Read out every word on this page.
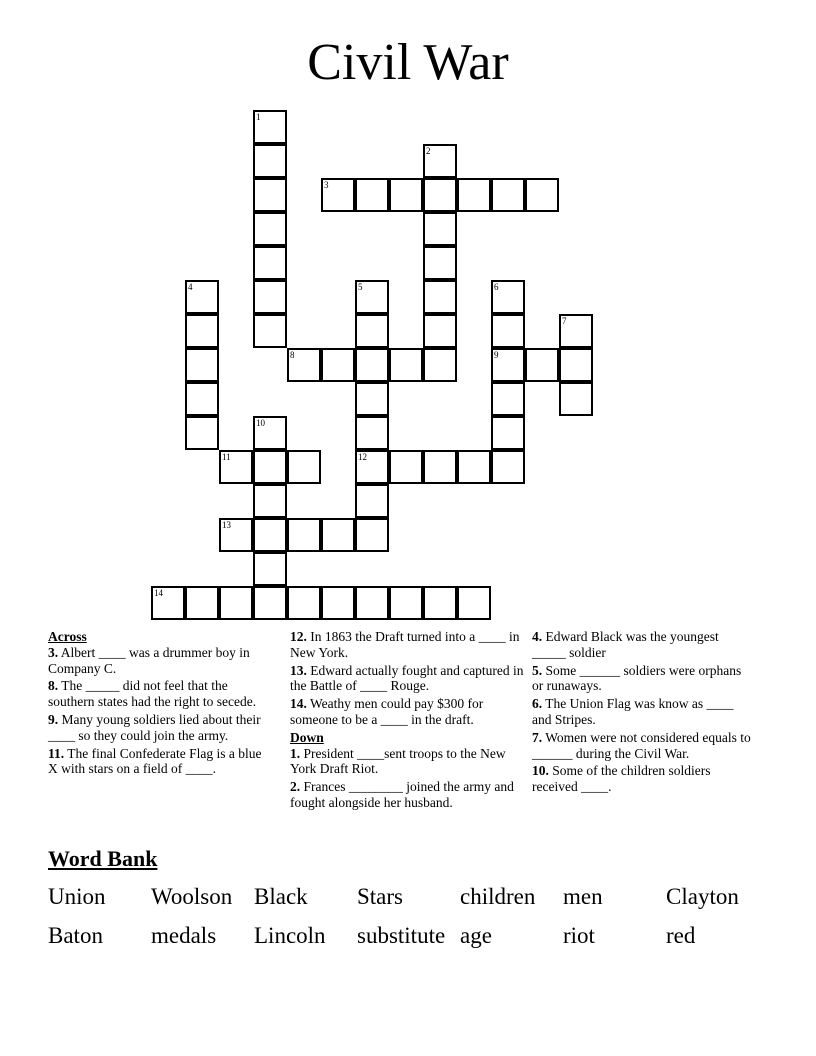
Civil War
3
8	9
11	12
13
14
1
2
4	5	6
7
10
Across
3. Albert ____ was a drummer boy in Company C.
8. The _____ did not feel that the southern states had the right to secede.
9. Many young soldiers lied about their ____ so they could join the army.
11. The final Confederate Flag is a blue X with stars on a field of ____.
12. In 1863 the Draft turned into a ____ in New York.
13. Edward actually fought and captured in the Battle of ____ Rouge.
14. Weathy men could pay $300 for someone to be a ____ in the draft.
Down
1. President ____sent troops to the New York Draft Riot.
2. Frances ________ joined the army and fought alongside her husband.
4. Edward Black was the youngest _____ soldier
5. Some ______ soldiers were orphans or runaways.
6. The Union Flag was know as ____ and Stripes.
7. Women were not considered equals to ______ during the Civil War.
10. Some of the children soldiers received ____.
Word Bank
Union Woolson Black Stars children men	Clayton
Baton medals Lincoln substitute age	riot	red
